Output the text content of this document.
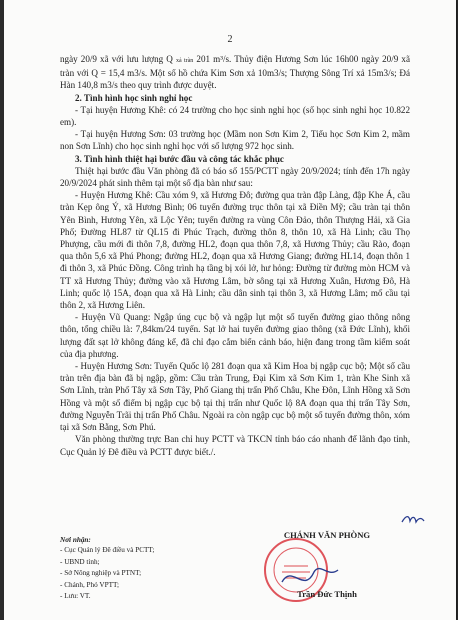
2

ngày 20/9 xã với lưu lượng Q xả tràn 201 m³/s. Thủy điện Hương Sơn lúc 16h00 ngày 20/9 xã tràn với Q = 15,4 m3/s. Một số hồ chứa Kim Sơn xả 10m3/s; Thượng Sông Trí xả 15m3/s; Đá Hàn 140,8 m3/s theo quy trình được duyệt.

2. Tình hình học sinh nghỉ học

- Tại huyện Hương Khê: có 24 trường cho học sinh nghỉ học (số học sinh nghỉ học 10.822 em).

- Tại huyện Hương Sơn: 03 trường học (Mầm non Sơn Kim 2, Tiểu học Sơn Kim 2, mầm non Sơn Lĩnh) cho học sinh nghỉ học với số lượng 972 học sinh.

3. Tình hình thiệt hại bước đầu và công tác khắc phục

Thiệt hại bước đầu Văn phòng đã có báo số 155/PCTT ngày 20/9/2024; tính đến 17h ngày 20/9/2024 phát sinh thêm tại một số địa bàn như sau:

- Huyện Hương Khê: Cầu xóm 9, xã Hương Đô; đường qua tràn đập Làng, đập Khe Á, cầu tràn Kẹp ông Ý, xã Hương Bình; 06 tuyến đường trục thôn tại xã Điền Mỹ; cầu tràn tại thôn Yên Bình, Hương Yên, xã Lộc Yên; tuyến đường ra vùng Côn Đảo, thôn Thượng Hải, xã Gia Phố; Đường HL87 từ QL15 đi Phúc Trạch, đường thôn 8, thôn 10, xã Hà Linh; cầu Thọ Phượng, cầu mới đi thôn 7,8, đường HL2, đoạn qua thôn 7,8, xã Hương Thủy; cầu Rào, đoạn qua thôn 5,6 xã Phú Phong; đường HL2, đoạn qua xã Hương Giang; đường HL14, đoạn thôn 1 đi thôn 3, xã Phúc Đồng. Công trình hạ tầng bị xói lở, hư hỏng: Đường từ đường mòn HCM và TT xã Hương Thủy; đường vào xã Hương Lâm, bờ sông tại xã Hương Xuân, Hương Đô, Hà Linh; quốc lộ 15A, đoạn qua xã Hà Linh; cầu dân sinh tại thôn 3, xã Hương Lâm; mố cầu tại thôn 2, xã Hương Liên.

- Huyện Vũ Quang: Ngập úng cục bộ và ngập lụt một số tuyến đường giao thông nông thôn, tổng chiều là: 7,84km/24 tuyến. Sạt lở hai tuyến đường giao thông (xã Đức Lĩnh), khối lượng đất sạt lở không đáng kể, đã chỉ đạo cắm biển cảnh báo, hiện đang trong tầm kiểm soát của địa phương.

- Huyện Hương Sơn: Tuyến Quốc lộ 281 đoạn qua xã Kim Hoa bị ngập cục bộ; Một số cầu tràn trên địa bàn đã bị ngập, gồm: Cầu tràn Trung, Đại Kim xã Sơn Kim 1, tràn Khe Sinh xã Sơn Lĩnh, tràn Phố Tây xã Sơn Tây, Phố Giang thị trấn Phố Châu, Khe Đôn, Lĩnh Hồng xã Sơn Hồng và một số điểm bị ngập cục bộ tại thị trấn như Quốc lộ 8A đoạn qua thị trấn Tây Sơn, đường Nguyễn Trãi thị trấn Phố Châu. Ngoài ra còn ngập cục bộ một số tuyến đường thôn, xóm tại xã Sơn Bằng, Sơn Phú.

Văn phòng thường trực Ban chỉ huy PCTT và TKCN tỉnh báo cáo nhanh để lãnh đạo tỉnh, Cục Quản lý Đê điều và PCTT được biết./.

Nơi nhận:
- Cục Quản lý Đê điều và PCTT;
- UBND tỉnh;
- Sở Nông nghiệp và PTNT;
- Chánh, Phó VPTT;
- Lưu: VT.
CHÁNH VĂN PHÒNG
Trần Đức Thịnh
